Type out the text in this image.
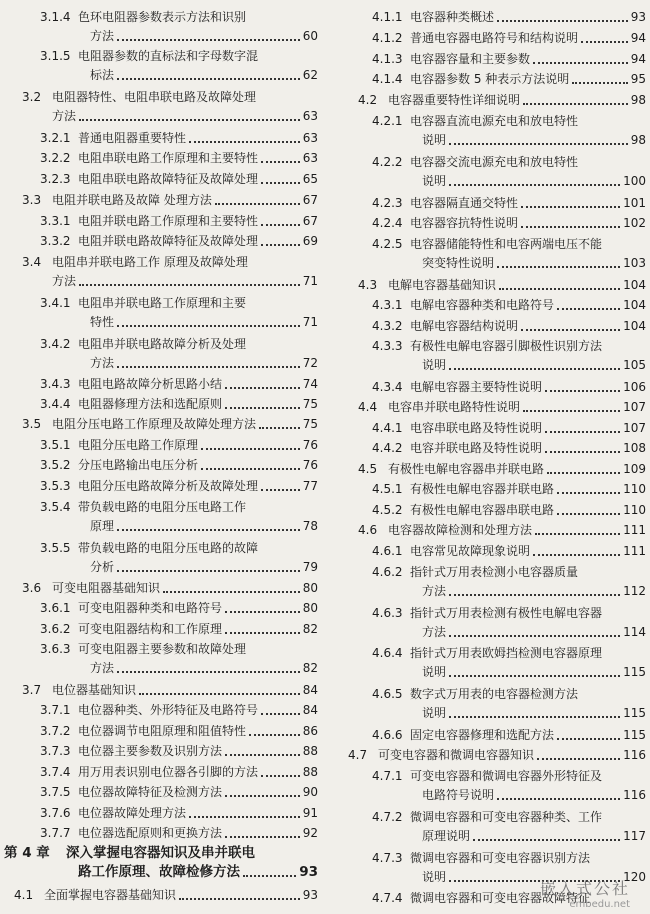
3.1.4 色环电阻器参数表示方法和识别
方法	60
3.1.5 电阻器参数的直标法和字母数字混
标法	62
3.2 电阻器特性、电阻串联电路及故障处理
方法	63
3.2.1 普通电阻器重要特性	63
3.2.2 电阻串联电路工作原理和主要特性	63
3.2.3 电阻串联电路故障特征及故障处理	65
3.3 电阻并联电路及故障 处理方法	67
3.3.1 电阻并联电路工作原理和主要特性	67
3.3.2 电阻并联电路故障特征及故障处理	69
3.4 电阻串并联电路工作 原理及故障处理
方法	71
3.4.1 电阻串并联电路工作原理和主要
特性	71
3.4.2 电阻串并联电路故障分析及处理
方法	72
3.4.3 电阻电路故障分析思路小结	74
3.4.4 电阻器修理方法和选配原则	75
3.5 电阻分压电路工作原理及故障处理方法	75
3.5.1 电阻分压电路工作原理	76
3.5.2 分压电路输出电压分析	76
3.5.3 电阻分压电路故障分析及故障处理	77
3.5.4 带负载电路的电阻分压电路工作
原理	78
3.5.5 带负载电路的电阻分压电路的故障
分析	79
3.6 可变电阻器基础知识	80
3.6.1 可变电阻器种类和电路符号	80
3.6.2 可变电阻器结构和工作原理	82
3.6.3 可变电阻器主要参数和故障处理
方法	82
3.7 电位器基础知识	84
3.7.1 电位器种类、外形特征及电路符号	84
3.7.2 电位器调节电阻原理和阻值特性	86
3.7.3 电位器主要参数及识别方法	88
3.7.4 用万用表识别电位器各引脚的方法	88
3.7.5 电位器故障特征及检测方法	90
3.7.6 电位器故障处理方法	91
3.7.7 电位器选配原则和更换方法	92
第 4 章	深入掌握电容器知识及串并联电
路工作原理、故障检修方法	93
4.1 全面掌握电容器基础知识	93
4.1.1 电容器种类概述	93
4.1.2 普通电容器电路符号和结构说明	94
4.1.3 电容器容量和主要参数	94
4.1.4 电容器参数 5 种表示方法说明	95
4.2 电容器重要特性详细说明	98
4.2.1 电容器直流电源充电和放电特性
说明	98
4.2.2 电容器交流电源充电和放电特性
说明	100
4.2.3 电容器隔直通交特性	101
4.2.4 电容器容抗特性说明	102
4.2.5 电容器储能特性和电容两端电压不能
突变特性说明	103
4.3 电解电容器基础知识	104
4.3.1 电解电容器种类和电路符号	104
4.3.2 电解电容器结构说明	104
4.3.3 有极性电解电容器引脚极性识别方法
说明	105
4.3.4 电解电容器主要特性说明	106
4.4 电容串并联电路特性说明	107
4.4.1 电容串联电路及特性说明	107
4.4.2 电容并联电路及特性说明	108
4.5 有极性电解电容器串并联电路	109
4.5.1 有极性电解电容器并联电路	110
4.5.2 有极性电解电容器串联电路	110
4.6 电容器故障检测和处理方法	111
4.6.1 电容常见故障现象说明	111
4.6.2 指针式万用表检测小电容器质量
方法	112
4.6.3 指针式万用表检测有极性电解电容器
方法	114
4.6.4 指针式万用表欧姆挡检测电容器原理
说明	115
4.6.5 数字式万用表的电容器检测方法
说明	115
4.6.6 固定电容器修理和选配方法	115
4.7 可变电容器和微调电容器知识	116
4.7.1 可变电容器和微调电容器外形特征及
电路符号说明	116
4.7.2 微调电容器和可变电容器种类、工作
原理说明	117
4.7.3 微调电容器和可变电容器识别方法
说明	120
4.7.4 微调电容器和可变电容器故障特征
嵌入式公社
embedu.net
